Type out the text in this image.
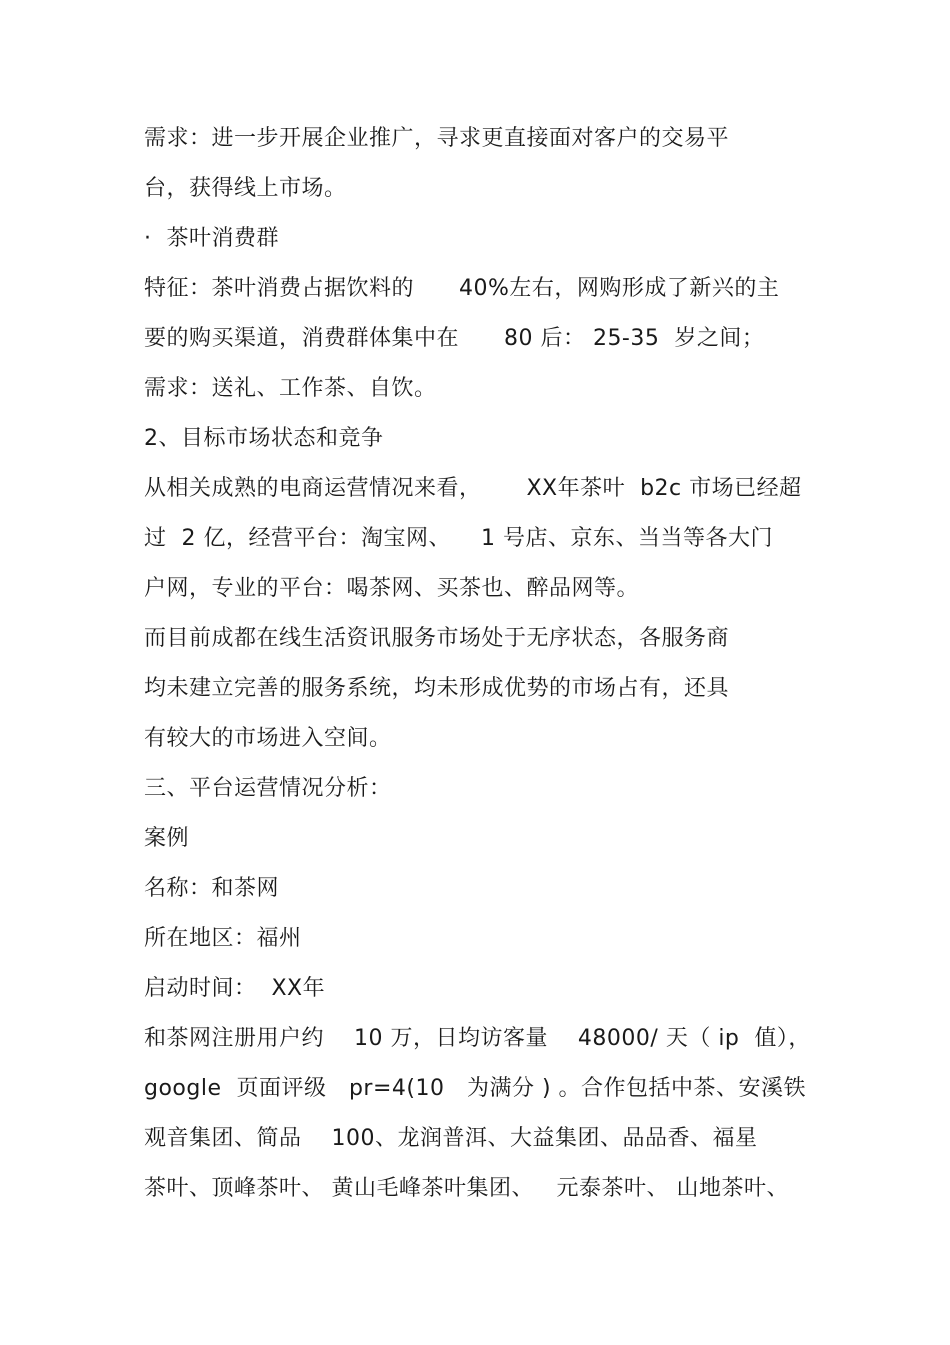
需求：进一步开展企业推广，寻求更直接面对客户的交易平
台，获得线上市场。
·  茶叶消费群
特征：茶叶消费占据饮料的      40%左右，网购形成了新兴的主
要的购买渠道，消费群体集中在      80 后： 25-35  岁之间；
需求：送礼、工作茶、自饮。
2、目标市场状态和竞争
从相关成熟的电商运营情况来看，      XX年茶叶  b2c 市场已经超
过  2 亿，经营平台：淘宝网、    1 号店、京东、当当等各大门
户网，专业的平台：喝茶网、买茶也、醉品网等。
而目前成都在线生活资讯服务市场处于无序状态，各服务商
均未建立完善的服务系统，均未形成优势的市场占有，还具
有较大的市场进入空间。
三、平台运营情况分析：
案例
名称：和茶网
所在地区：福州
启动时间：  XX年
和茶网注册用户约    10 万，日均访客量    48000/ 天（ ip  值），
google  页面评级   pr=4(10   为满分 ) 。合作包括中茶、安溪铁
观音集团、简品    100、龙润普洱、大益集团、品品香、福星
茶叶、顶峰茶叶、 黄山毛峰茶叶集团、   元泰茶叶、 山地茶叶、
